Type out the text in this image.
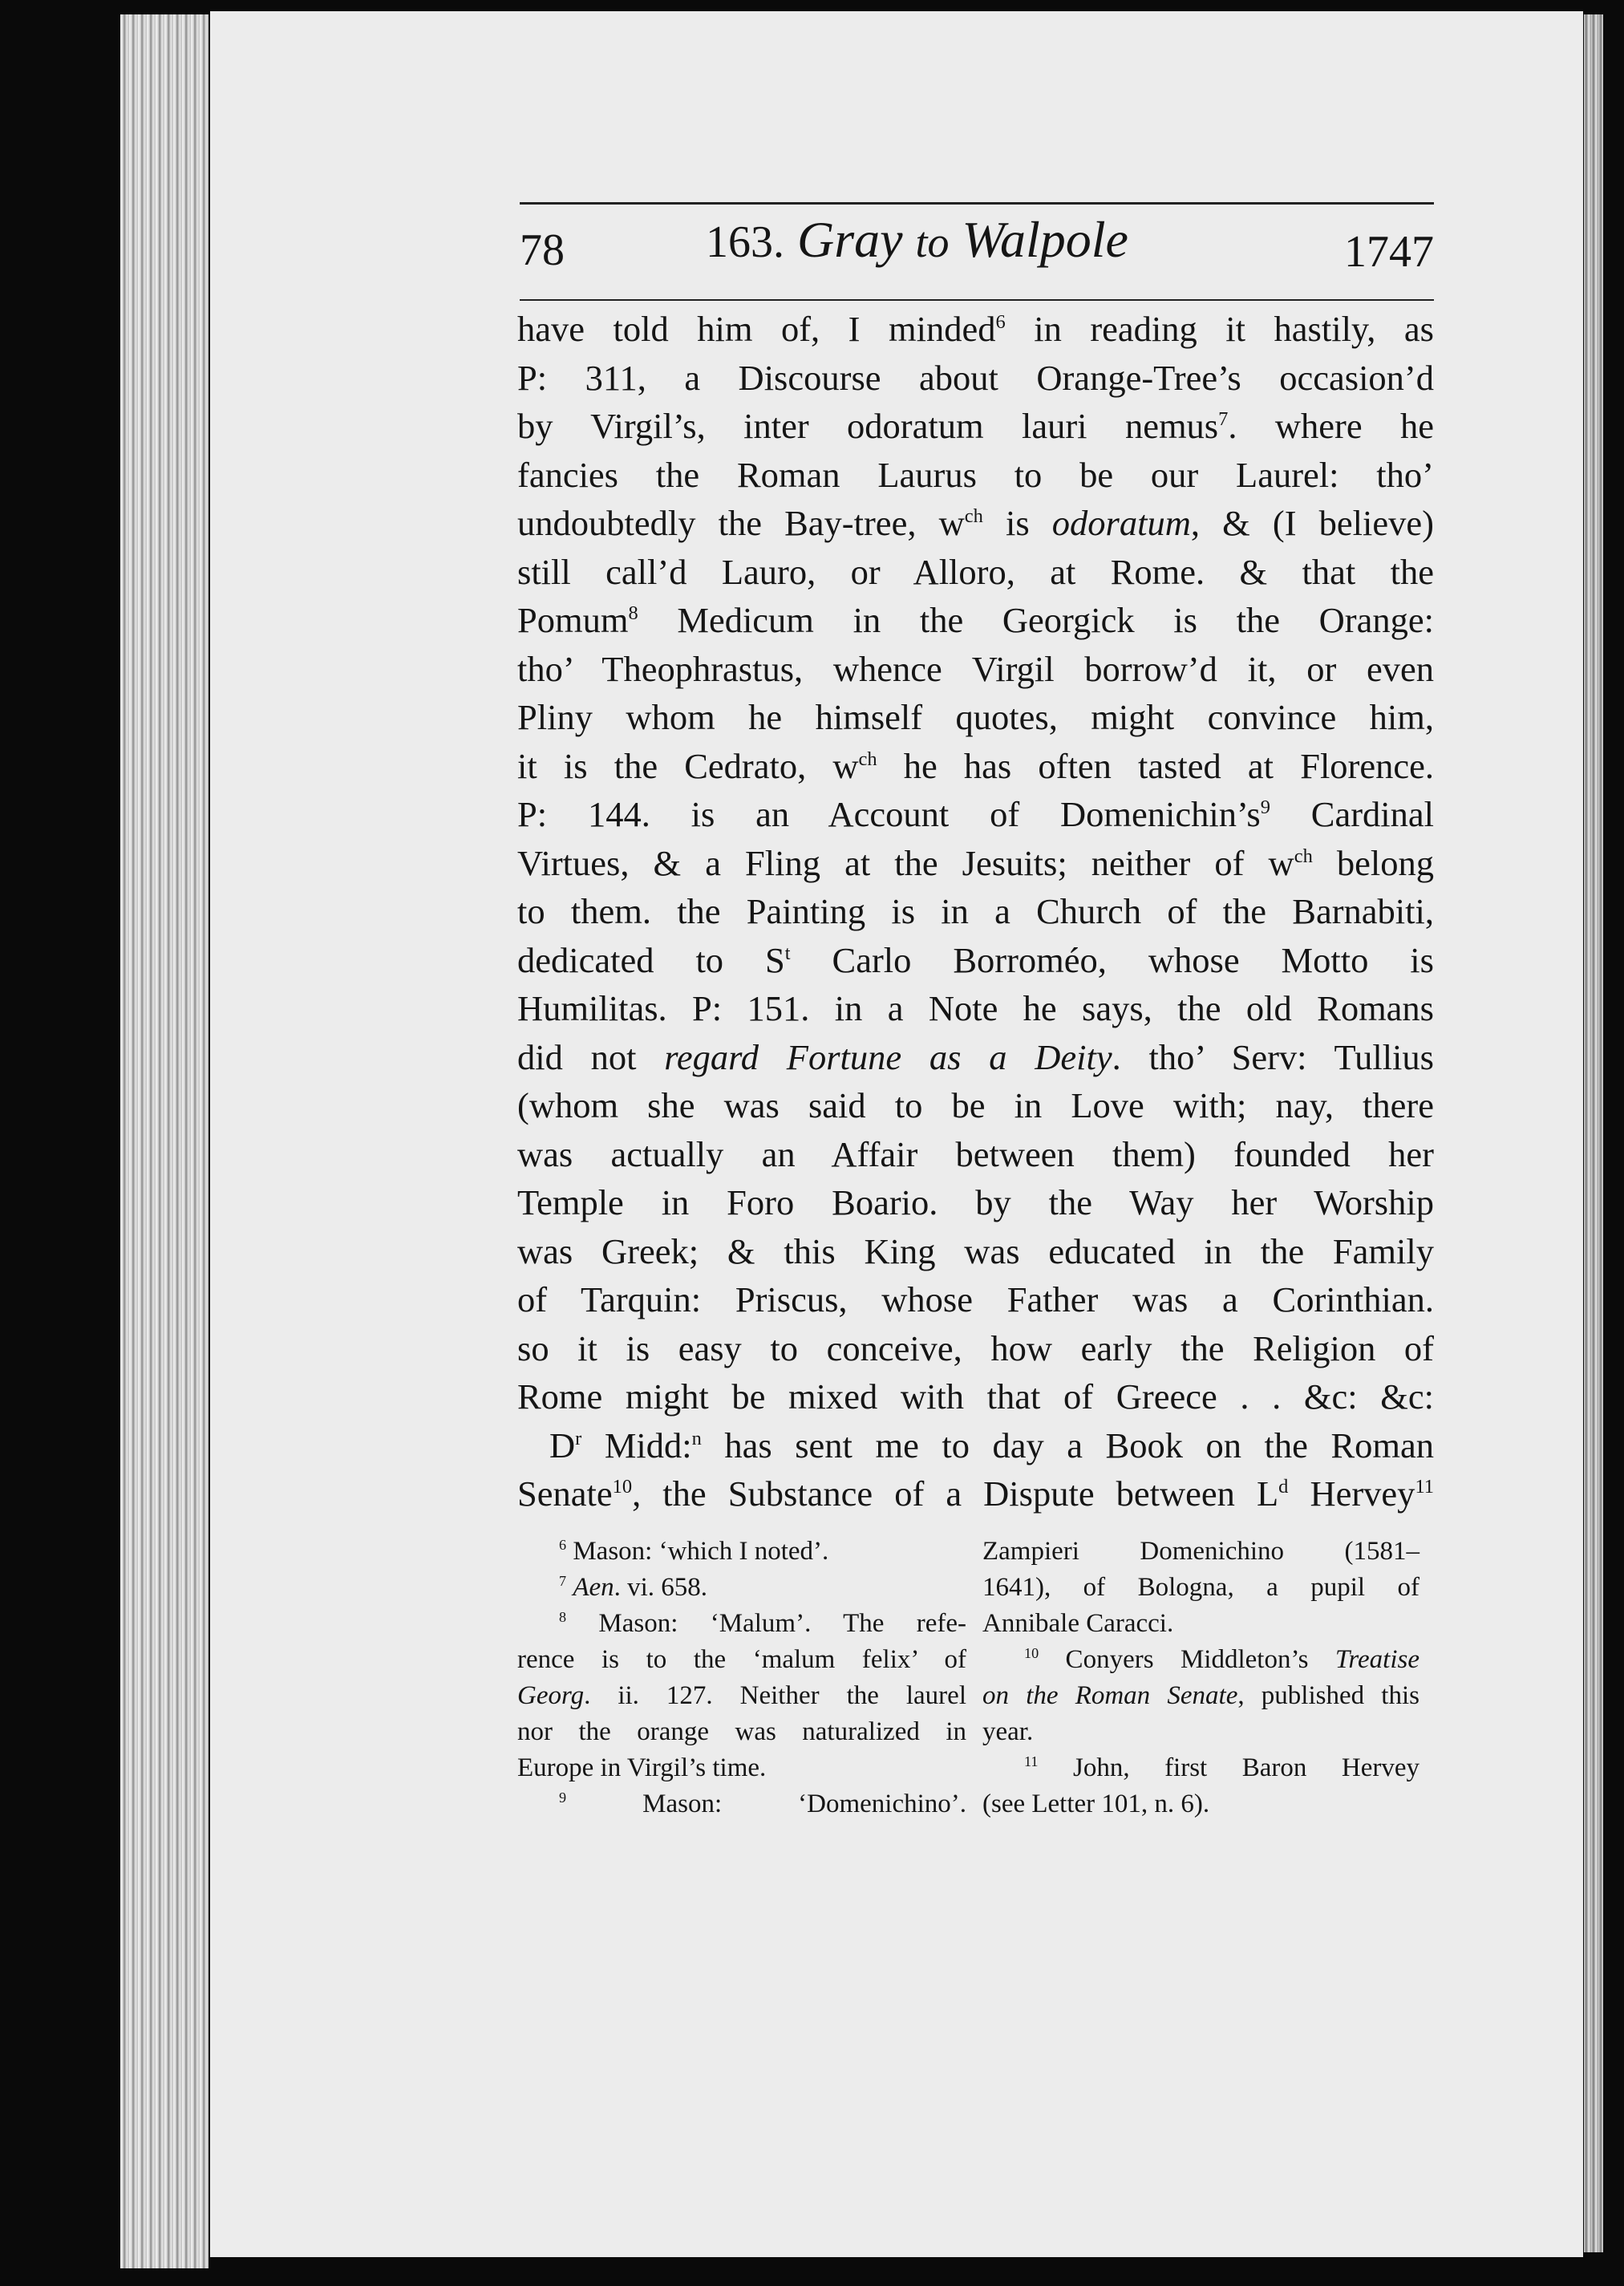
78	163. Gray to Walpole	1747
have told him of, I minded$^6$ in reading it hastily, as
P: 311, a Discourse about Orange-Tree’s occasion’d
by Virgil’s, inter odoratum lauri nemus$^7$. where he
fancies the Roman Laurus to be our Laurel: tho’
undoubtedly the Bay-tree, $w^{ch}$ is odoratum, & (I believe)
still call’d Lauro, or Alloro, at Rome. & that the
Pomum$^8$ Medicum in the Georgick is the Orange:
tho’ Theophrastus, whence Virgil borrow’d it, or even
Pliny whom he himself quotes, might convince him,
it is the Cedrato, $w^{ch}$ he has often tasted at Florence.
P: 144. is an Account of $Domenichin’s^9$ Cardinal
Virtues, & a Fling at the Jesuits; neither of $w^{ch}$ belong
to them. the Painting is in a Church of the Barnabiti,
dedicated to $S^t$ Carlo Borroméo, whose Motto is
Humilitas. P: 151. in a Note he says, the old Romans
did not regard Fortune as a Deity. tho’ Serv: Tullius
(whom she was said to be in Love with; nay, there
was actually an Affair between them) founded her
Temple in Foro Boario. by the Way her Worship
was Greek; & this King was educated in the Family
of Tarquin: Priscus, whose Father was a Corinthian.
so it is easy to conceive, how early the Religion of
Rome might be mixed with that of Greece . . &c: &c:
$D^r$ Midd:$^n$ has sent me to day a Book on the Roman
Senate$^{10}$, the Substance of a Dispute between $L^d$ Hervey$^{11}$
$^6$ Mason: ‘which I noted’.
$^7$ Aen. vi. 658.
$^8$ Mason: ‘Malum’. The refe-
rence is to the ‘malum felix’ of
Georg. ii. 127. Neither the laurel
nor the orange was naturalized in
Europe in Virgil’s time.
$^9$ Mason: ‘Domenichino’.
Zampieri Domenichino (1581–
1641), of Bologna, a pupil of
Annibale Caracci.
$^{10}$ Conyers Middleton’s Treatise
on the Roman Senate, published this
year.
$^{11}$ John, first Baron Hervey
(see Letter 101, n. 6).
